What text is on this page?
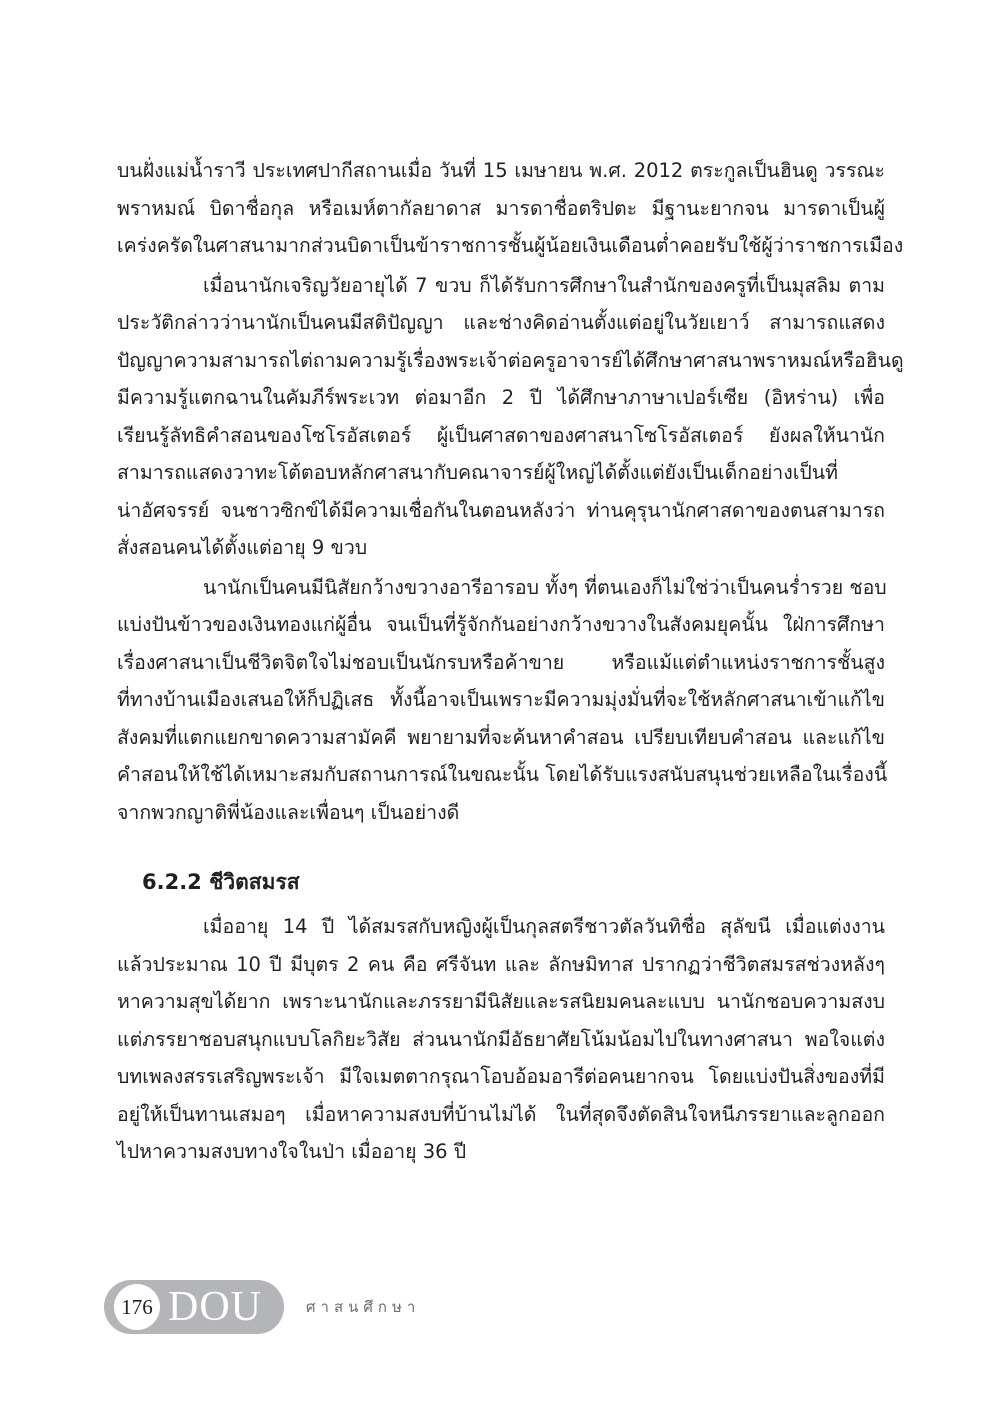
บนฝั่งแม่น้ำราวี ประเทศปากีสถานเมื่อ วันที่ 15 เมษายน พ.ศ. 2012 ตระกูลเป็นฮินดู วรรณะ
พราหมณ์ บิดาชื่อกุล หรือเมห์ตากัลยาดาส มารดาชื่อตริปตะ มีฐานะยากจน มารดาเป็นผู้
เคร่งครัดในศาสนามากส่วนบิดาเป็นข้าราชการชั้นผู้น้อยเงินเดือนต่ำคอยรับใช้ผู้ว่าราชการเมือง
เมื่อนานักเจริญวัยอายุได้ 7 ขวบ ก็ได้รับการศึกษาในสำนักของครูที่เป็นมุสลิม ตาม
ประวัติกล่าวว่านานักเป็นคนมีสติปัญญา และช่างคิดอ่านตั้งแต่อยู่ในวัยเยาว์ สามารถแสดง
ปัญญาความสามารถไต่ถามความรู้เรื่องพระเจ้าต่อครูอาจารย์ได้ศึกษาศาสนาพราหมณ์หรือฮินดู
มีความรู้แตกฉานในคัมภีร์พระเวท ต่อมาอีก 2 ปี ได้ศึกษาภาษาเปอร์เซีย (อิหร่าน) เพื่อ
เรียนรู้ลัทธิคำสอนของโซโรอัสเตอร์ ผู้เป็นศาสดาของศาสนาโซโรอัสเตอร์ ยังผลให้นานัก
สามารถแสดงวาทะโต้ตอบหลักศาสนากับคณาจารย์ผู้ใหญ่ได้ตั้งแต่ยังเป็นเด็กอย่างเป็นที่
น่าอัศจรรย์ จนชาวซิกข์ได้มีความเชื่อกันในตอนหลังว่า ท่านคุรุนานักศาสดาของตนสามารถ
สั่งสอนคนได้ตั้งแต่อายุ 9 ขวบ
นานักเป็นคนมีนิสัยกว้างขวางอารีอารอบ ทั้งๆ ที่ตนเองก็ไม่ใช่ว่าเป็นคนร่ำรวย ชอบ
แบ่งปันข้าวของเงินทองแก่ผู้อื่น จนเป็นที่รู้จักกันอย่างกว้างขวางในสังคมยุคนั้น ใฝ่การศึกษา
เรื่องศาสนาเป็นชีวิตจิตใจไม่ชอบเป็นนักรบหรือค้าขาย หรือแม้แต่ตำแหน่งราชการชั้นสูง
ที่ทางบ้านเมืองเสนอให้ก็ปฏิเสธ ทั้งนี้อาจเป็นเพราะมีความมุ่งมั่นที่จะใช้หลักศาสนาเข้าแก้ไข
สังคมที่แตกแยกขาดความสามัคคี พยายามที่จะค้นหาคำสอน เปรียบเทียบคำสอน และแก้ไข
คำสอนให้ใช้ได้เหมาะสมกับสถานการณ์ในขณะนั้น โดยได้รับแรงสนับสนุนช่วยเหลือในเรื่องนี้
จากพวกญาติพี่น้องและเพื่อนๆ เป็นอย่างดี
6.2.2 ชีวิตสมรส
เมื่ออายุ 14 ปี ได้สมรสกับหญิงผู้เป็นกุลสตรีชาวตัลวันทิชื่อ สุลัขนี เมื่อแต่งงาน
แล้วประมาณ 10 ปี มีบุตร 2 คน คือ ศรีจันท และ ลักษมิทาส ปรากฏว่าชีวิตสมรสช่วงหลังๆ
หาความสุขได้ยาก เพราะนานักและภรรยามีนิสัยและรสนิยมคนละแบบ นานักชอบความสงบ
แต่ภรรยาชอบสนุกแบบโลกิยะวิสัย ส่วนนานักมีอัธยาศัยโน้มน้อมไปในทางศาสนา พอใจแต่ง
บทเพลงสรรเสริญพระเจ้า มีใจเมตตากรุณาโอบอ้อมอารีต่อคนยากจน โดยแบ่งปันสิ่งของที่มี
อยู่ให้เป็นทานเสมอๆ เมื่อหาความสงบที่บ้านไม่ได้ ในที่สุดจึงตัดสินใจหนีภรรยาและลูกออก
ไปหาความสงบทางใจในป่า เมื่ออายุ 36 ปี
176 DOU	ศาสนศึกษา
